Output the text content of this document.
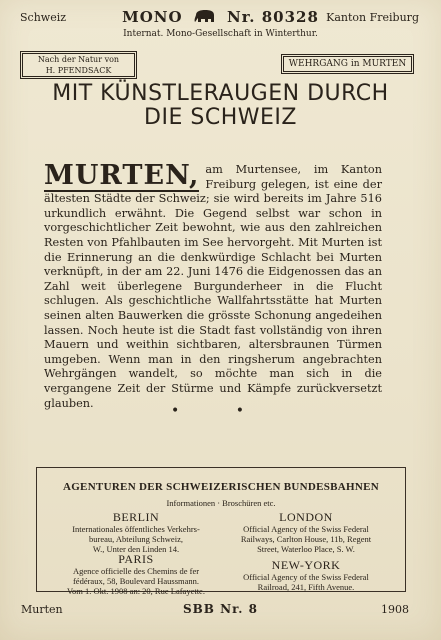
Schweiz	MONO	Nr. 80328 Kanton Freiburg
Internat. Mono-Gesellschaft in Winterthur.
Nach der Natur von
H. PFENDSACK
WEHRGANG in MURTEN
MIT KÜNSTLERAUGEN DURCH
DIE SCHWEIZ
MURTEN, am Murtensee, im Kanton Freiburg gelegen, ist eine der ältesten Städte der Schweiz; sie wird bereits im Jahre 516 urkundlich erwähnt. Die Gegend selbst war schon in vorgeschichtlicher Zeit bewohnt, wie aus den zahlreichen Resten von Pfahlbauten im See hervorgeht. Mit Murten ist die Erinnerung an die denkwürdige Schlacht bei Murten verknüpft, in der am 22. Juni 1476 die Eidgenossen das an Zahl weit überlegene Burgunderheer in die Flucht schlugen. Als geschichtliche Wallfahrtsstätte hat Murten seinen alten Bauwerken die grösste Schonung angedeihen lassen. Noch heute ist die Stadt fast vollständig von ihren Mauern und weithin sichtbaren, altersbraunen Türmen umgeben. Wenn man in den ringsherum angebrachten Wehrgängen wandelt, so möchte man sich in die vergangene Zeit der Stürme und Kämpfe zurückversetzt glauben.	• •
AGENTUREN DER SCHWEIZERISCHEN BUNDESBAHNEN
Informationen · Broschüren etc.
BERLIN
Internationales öffentliches Verkehrs-
bureau, Abteilung Schweiz,
W., Unter den Linden 14.
PARIS
Agence officielle des Chemins de fer
fédéraux, 58, Boulevard Haussmann.
Vom 1. Okt. 1908 an: 20, Rue Lafayette.
LONDON
Official Agency of the Swiss Federal
Railways, Carlton House, 11b, Regent
Street, Waterloo Place, S. W.
NEW-YORK
Official Agency of the Swiss Federal
Railroad, 241, Fifth Avenue.
Murten	SBB Nr. 8	1908
